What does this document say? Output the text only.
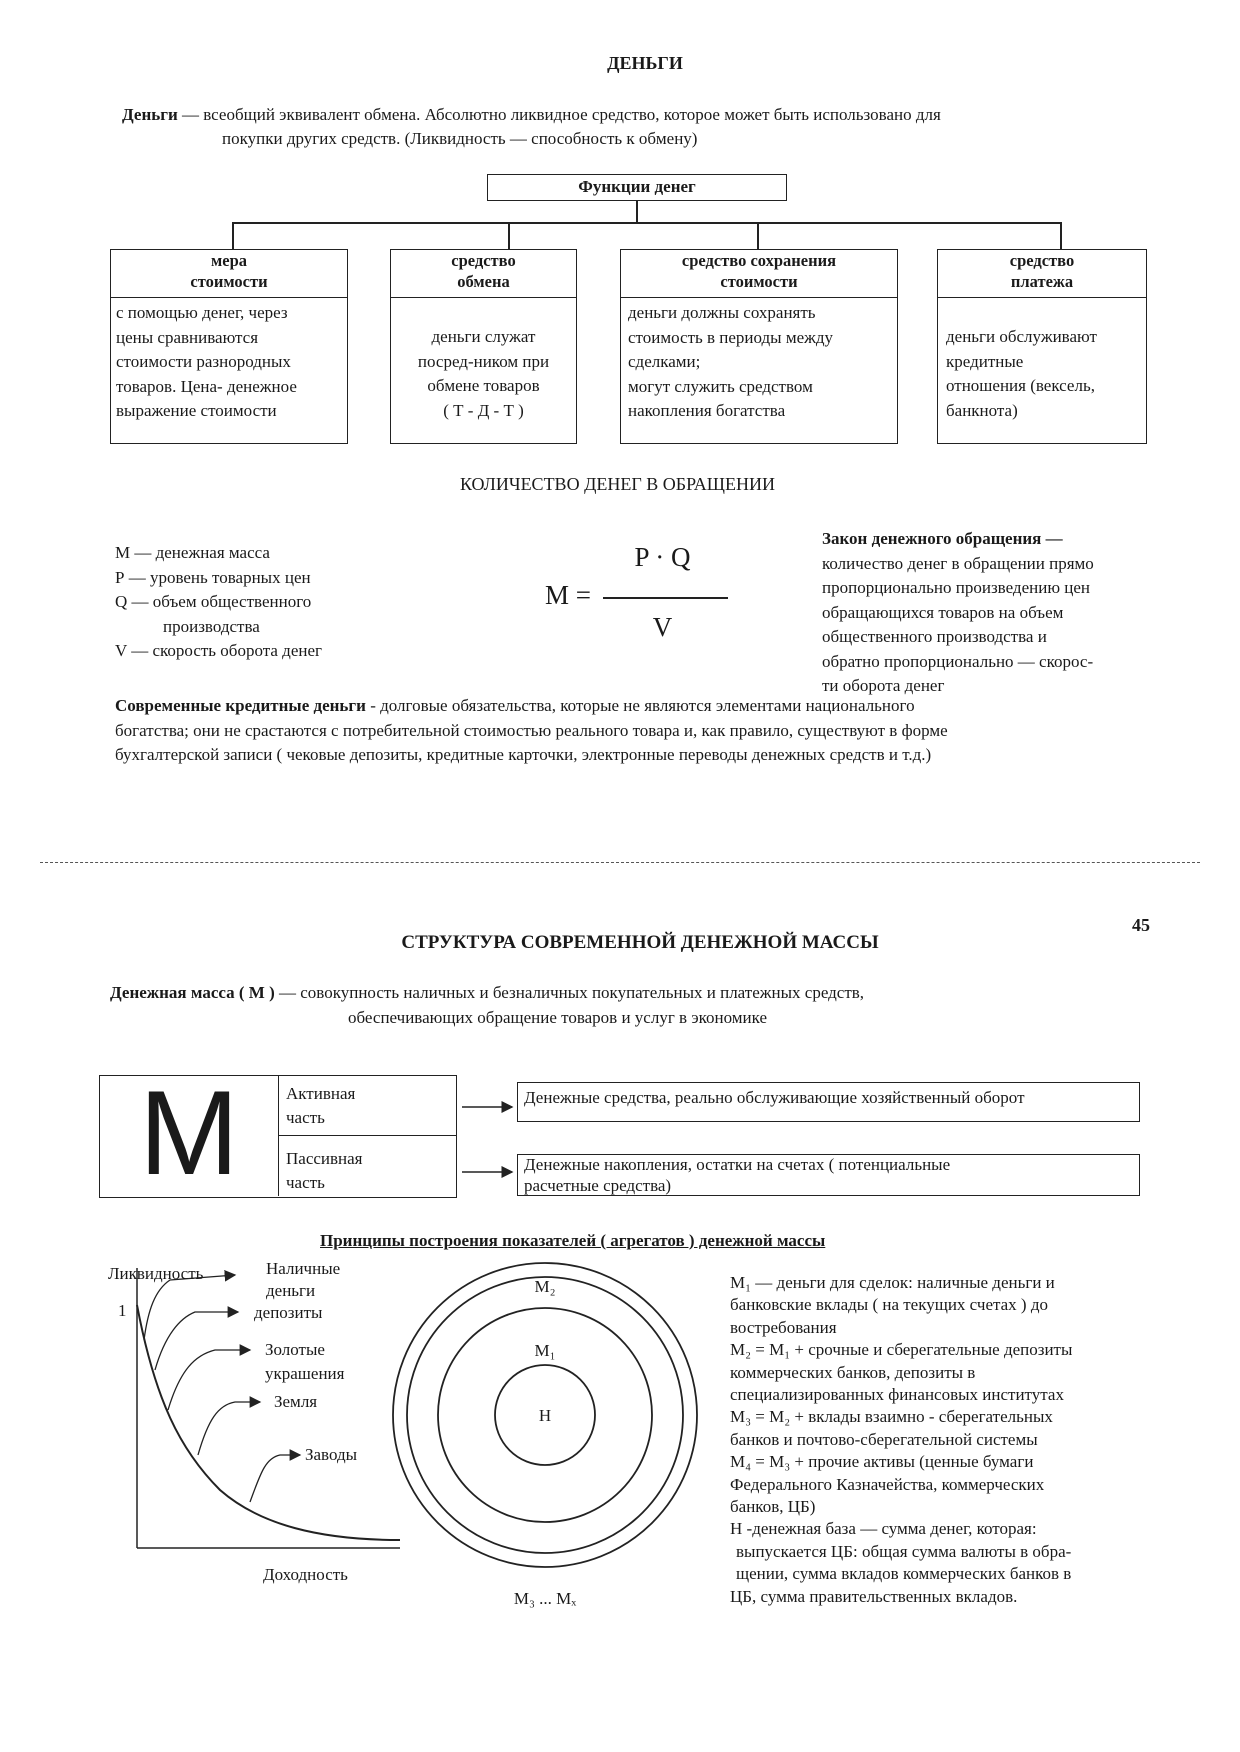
ДЕНЬГИ
Деньги — всеобщий эквивалент обмена. Абсолютно ликвидное средство, которое может быть использовано для
покупки других средств. (Ликвидность — способность к обмену)
Функции денег
мера
стоимости
с помощью денег, через
цены сравниваются
стоимости разнородных
товаров. Цена- денежное
выражение стоимости
средство
обмена
деньги служат
посред-ником при
обмене товаров
( Т - Д - Т )
средство сохранения
стоимости
деньги должны сохранять
стоимость в периоды между
сделками;
могут служить средством
накопления богатства
средство
платежа
деньги обслуживают
кредитные
отношения (вексель,
банкнота)
КОЛИЧЕСТВО ДЕНЕГ В ОБРАЩЕНИИ
М — денежная масса
Р — уровень товарных цен
Q — объем общественного
производства
V — скорость оборота денег
M =
P · Q
V
Закон денежного обращения —
количество денег в обращении прямо
пропорционально произведению цен
обращающихся товаров на объем
общественного производства и
обратно пропорционально — скорос-
ти оборота денег
Современные кредитные деньги - долговые обязательства, которые не являются элементами национального
богатства; они не срастаются с потребительной стоимостью реального товара и, как правило, существуют в форме
бухгалтерской записи ( чековые депозиты, кредитные карточки, электронные переводы денежных средств и т.д.)
45
СТРУКТУРА СОВРЕМЕННОЙ ДЕНЕЖНОЙ МАССЫ
Денежная масса ( М ) — совокупность наличных и безналичных покупательных и платежных средств,
обеспечивающих обращение товаров и услуг в экономике
M	Активная
часть
Пассивная
часть
Денежные средства, реально обслуживающие хозяйственный оборот
Денежные накопления, остатки на счетах ( потенциальные
расчетные средства)
Принципы построения показателей ( агрегатов ) денежной массы
Ликвидность
1
Доходность
Наличные
деньги
депозиты
Золотые
украшения
Земля
Заводы
M₂
M₁
H
M₃ ... Mₓ
М₁ — деньги для сделок: наличные деньги и
банковские вклады ( на текущих счетах ) до
востребования
М₂ = М₁ + срочные и сберегательные депозиты
коммерческих банков, депозиты в
специализированных финансовых институтах
М₃ = М₂ + вклады взаимно - сберегательных
банков и почтово-сберегательной системы
М₄ = М₃ + прочие активы (ценные бумаги
Федерального Казначейства, коммерческих
банков, ЦБ)
Н -денежная база — сумма денег, которая:
выпускается ЦБ: общая сумма валюты в обра-
щении, сумма вкладов коммерческих банков в
ЦБ, сумма правительственных вкладов.
